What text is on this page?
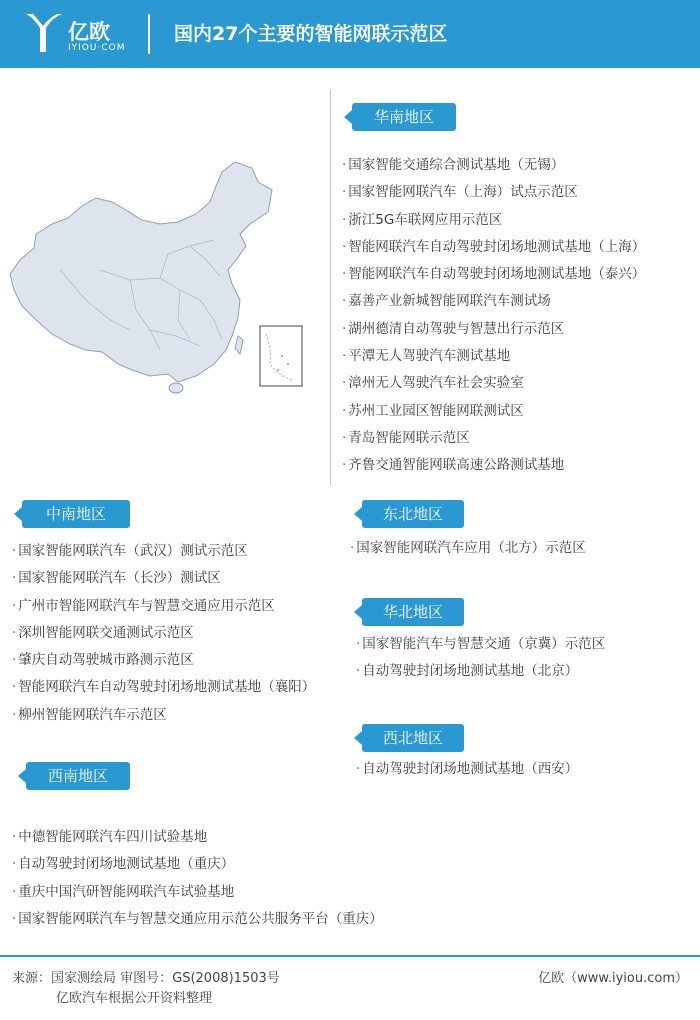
亿欧
IYIOU·COM
国内27个主要的智能网联示范区
华南地区
· 国家智能交通综合测试基地（无锡）
· 国家智能网联汽车（上海）试点示范区
· 浙江5G车联网应用示范区
· 智能网联汽车自动驾驶封闭场地测试基地（上海）
· 智能网联汽车自动驾驶封闭场地测试基地（泰兴）
· 嘉善产业新城智能网联汽车测试场
· 湖州德清自动驾驶与智慧出行示范区
· 平潭无人驾驶汽车测试基地
· 漳州无人驾驶汽车社会实验室
· 苏州工业园区智能网联测试区
· 青岛智能网联示范区
· 齐鲁交通智能网联高速公路测试基地
中南地区
· 国家智能网联汽车（武汉）测试示范区
· 国家智能网联汽车（长沙）测试区
· 广州市智能网联汽车与智慧交通应用示范区
· 深圳智能网联交通测试示范区
· 肇庆自动驾驶城市路测示范区
· 智能网联汽车自动驾驶封闭场地测试基地（襄阳）
· 柳州智能网联汽车示范区
东北地区
· 国家智能网联汽车应用（北方）示范区
华北地区
· 国家智能汽车与智慧交通（京冀）示范区
· 自动驾驶封闭场地测试基地（北京）
西北地区
· 自动驾驶封闭场地测试基地（西安）
西南地区
· 中德智能网联汽车四川试验基地
· 自动驾驶封闭场地测试基地（重庆）
· 重庆中国汽研智能网联汽车试验基地
· 国家智能网联汽车与智慧交通应用示范公共服务平台（重庆）
来源：国家测绘局 审图号：GS(2008)1503号
亿欧汽车根据公开资料整理
亿欧（www.iyiou.com）
